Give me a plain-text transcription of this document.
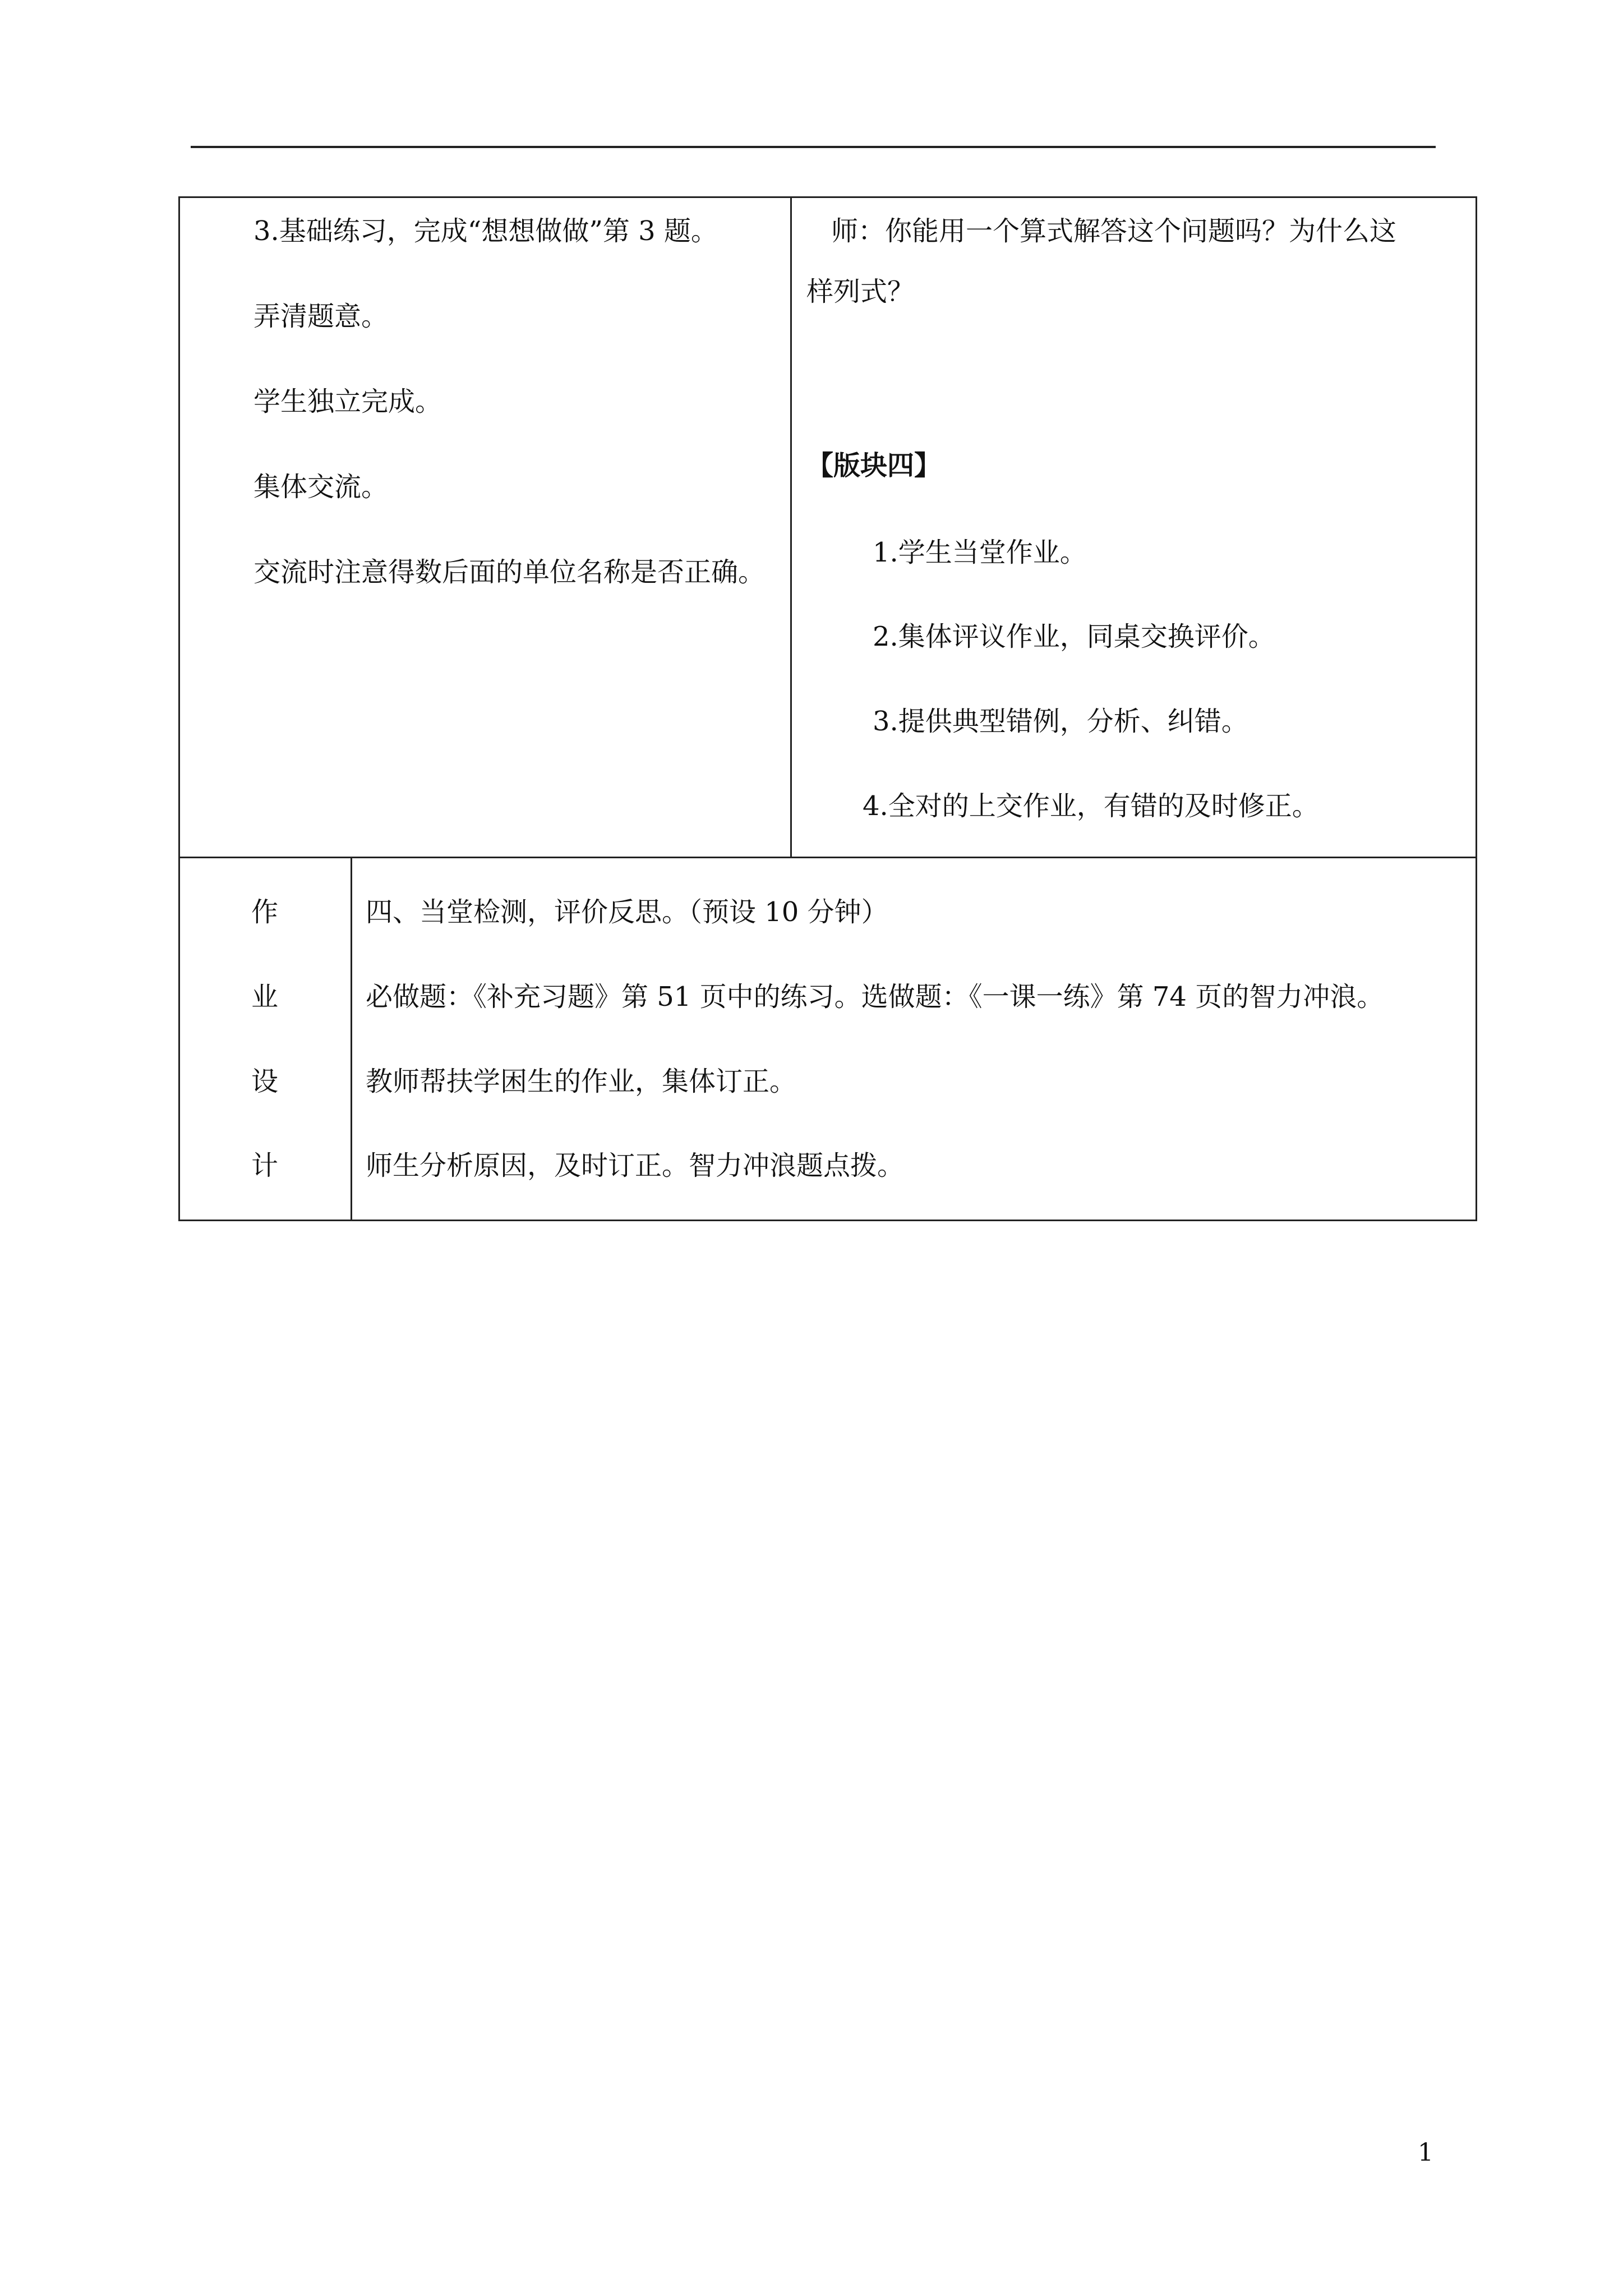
3.基础练习，完成“想想做做”第 3 题。
弄清题意。
学生独立完成。
集体交流。
交流时注意得数后面的单位名称是否正确。
师：你能用一个算式解答这个问题吗？为什么这
样列式？
【版块四】
1.学生当堂作业。
2.集体评议作业，同桌交换评价。
3.提供典型错例，分析、纠错。
4.全对的上交作业，有错的及时修正。
作
业
设
计
四、当堂检测，评价反思。（预设 10 分钟）
必做题：《补充习题》第 51 页中的练习。选做题：《一课一练》第 74 页的智力冲浪。
教师帮扶学困生的作业，集体订正。
师生分析原因，及时订正。智力冲浪题点拨。
1
